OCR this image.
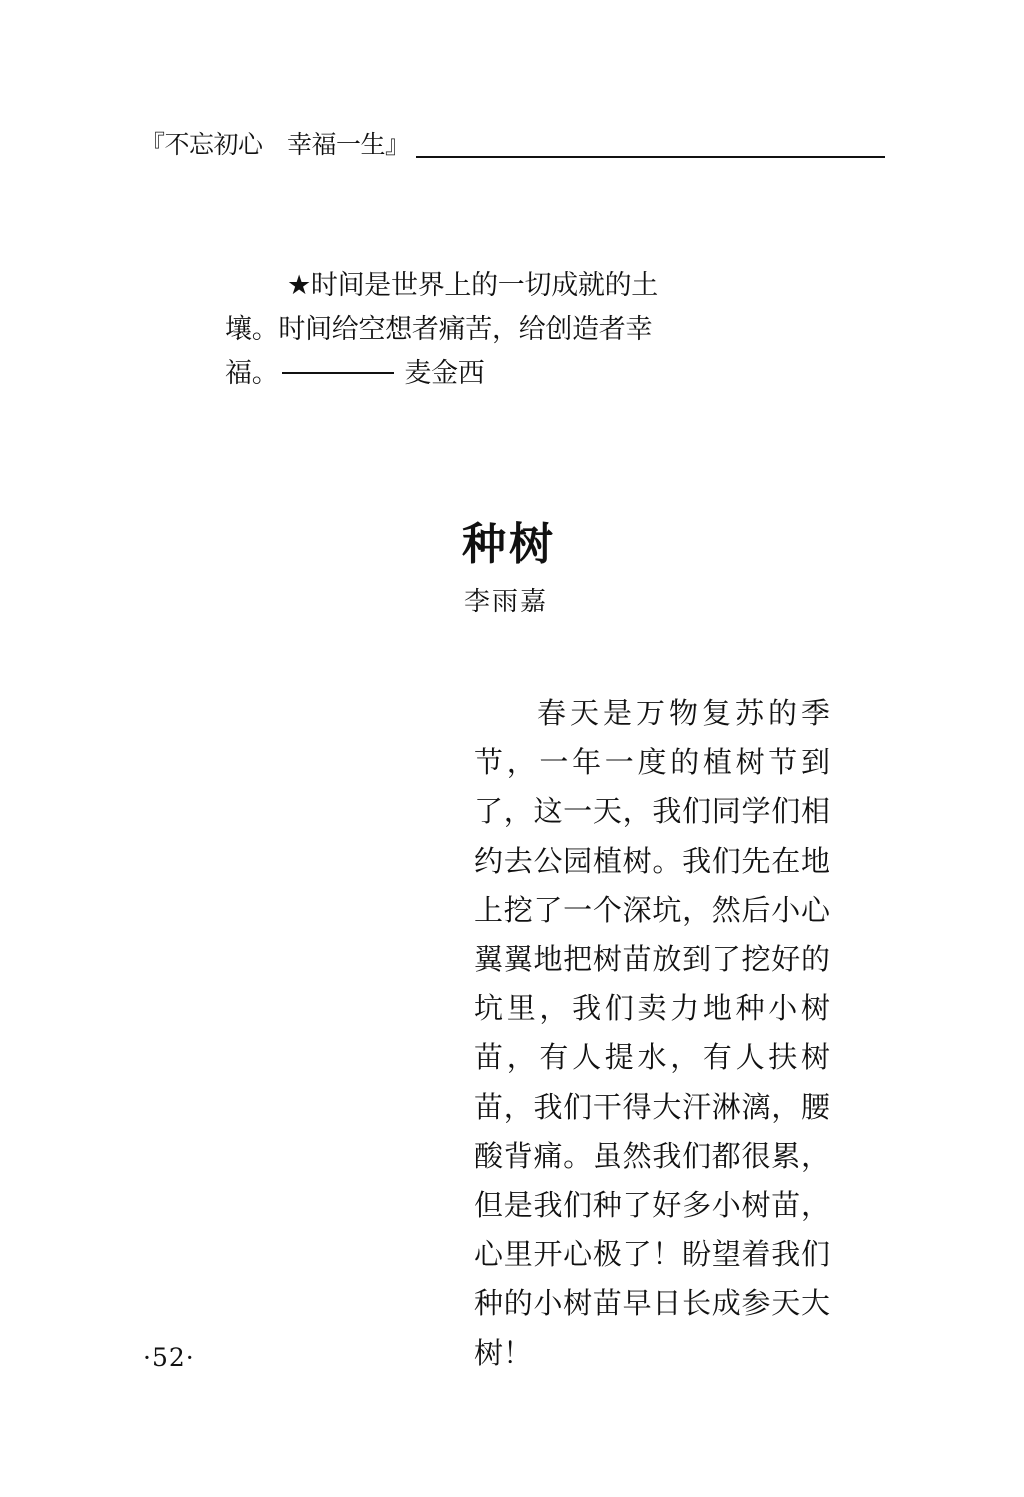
『不忘初心　幸福一生』
★时间是世界上的一切成就的土壤。时间给空想者痛苦，给创造者幸福。	麦金西
种树
李雨嘉
春天是万物复苏的季节，一年一度的植树节到了，这一天，我们同学们相约去公园植树。我们先在地上挖了一个深坑，然后小心翼翼地把树苗放到了挖好的坑里，我们卖力地种小树苗，有人提水，有人扶树苗，我们干得大汗淋漓，腰酸背痛。虽然我们都很累，但是我们种了好多小树苗，心里开心极了！盼望着我们种的小树苗早日长成参天大树！
·52·
